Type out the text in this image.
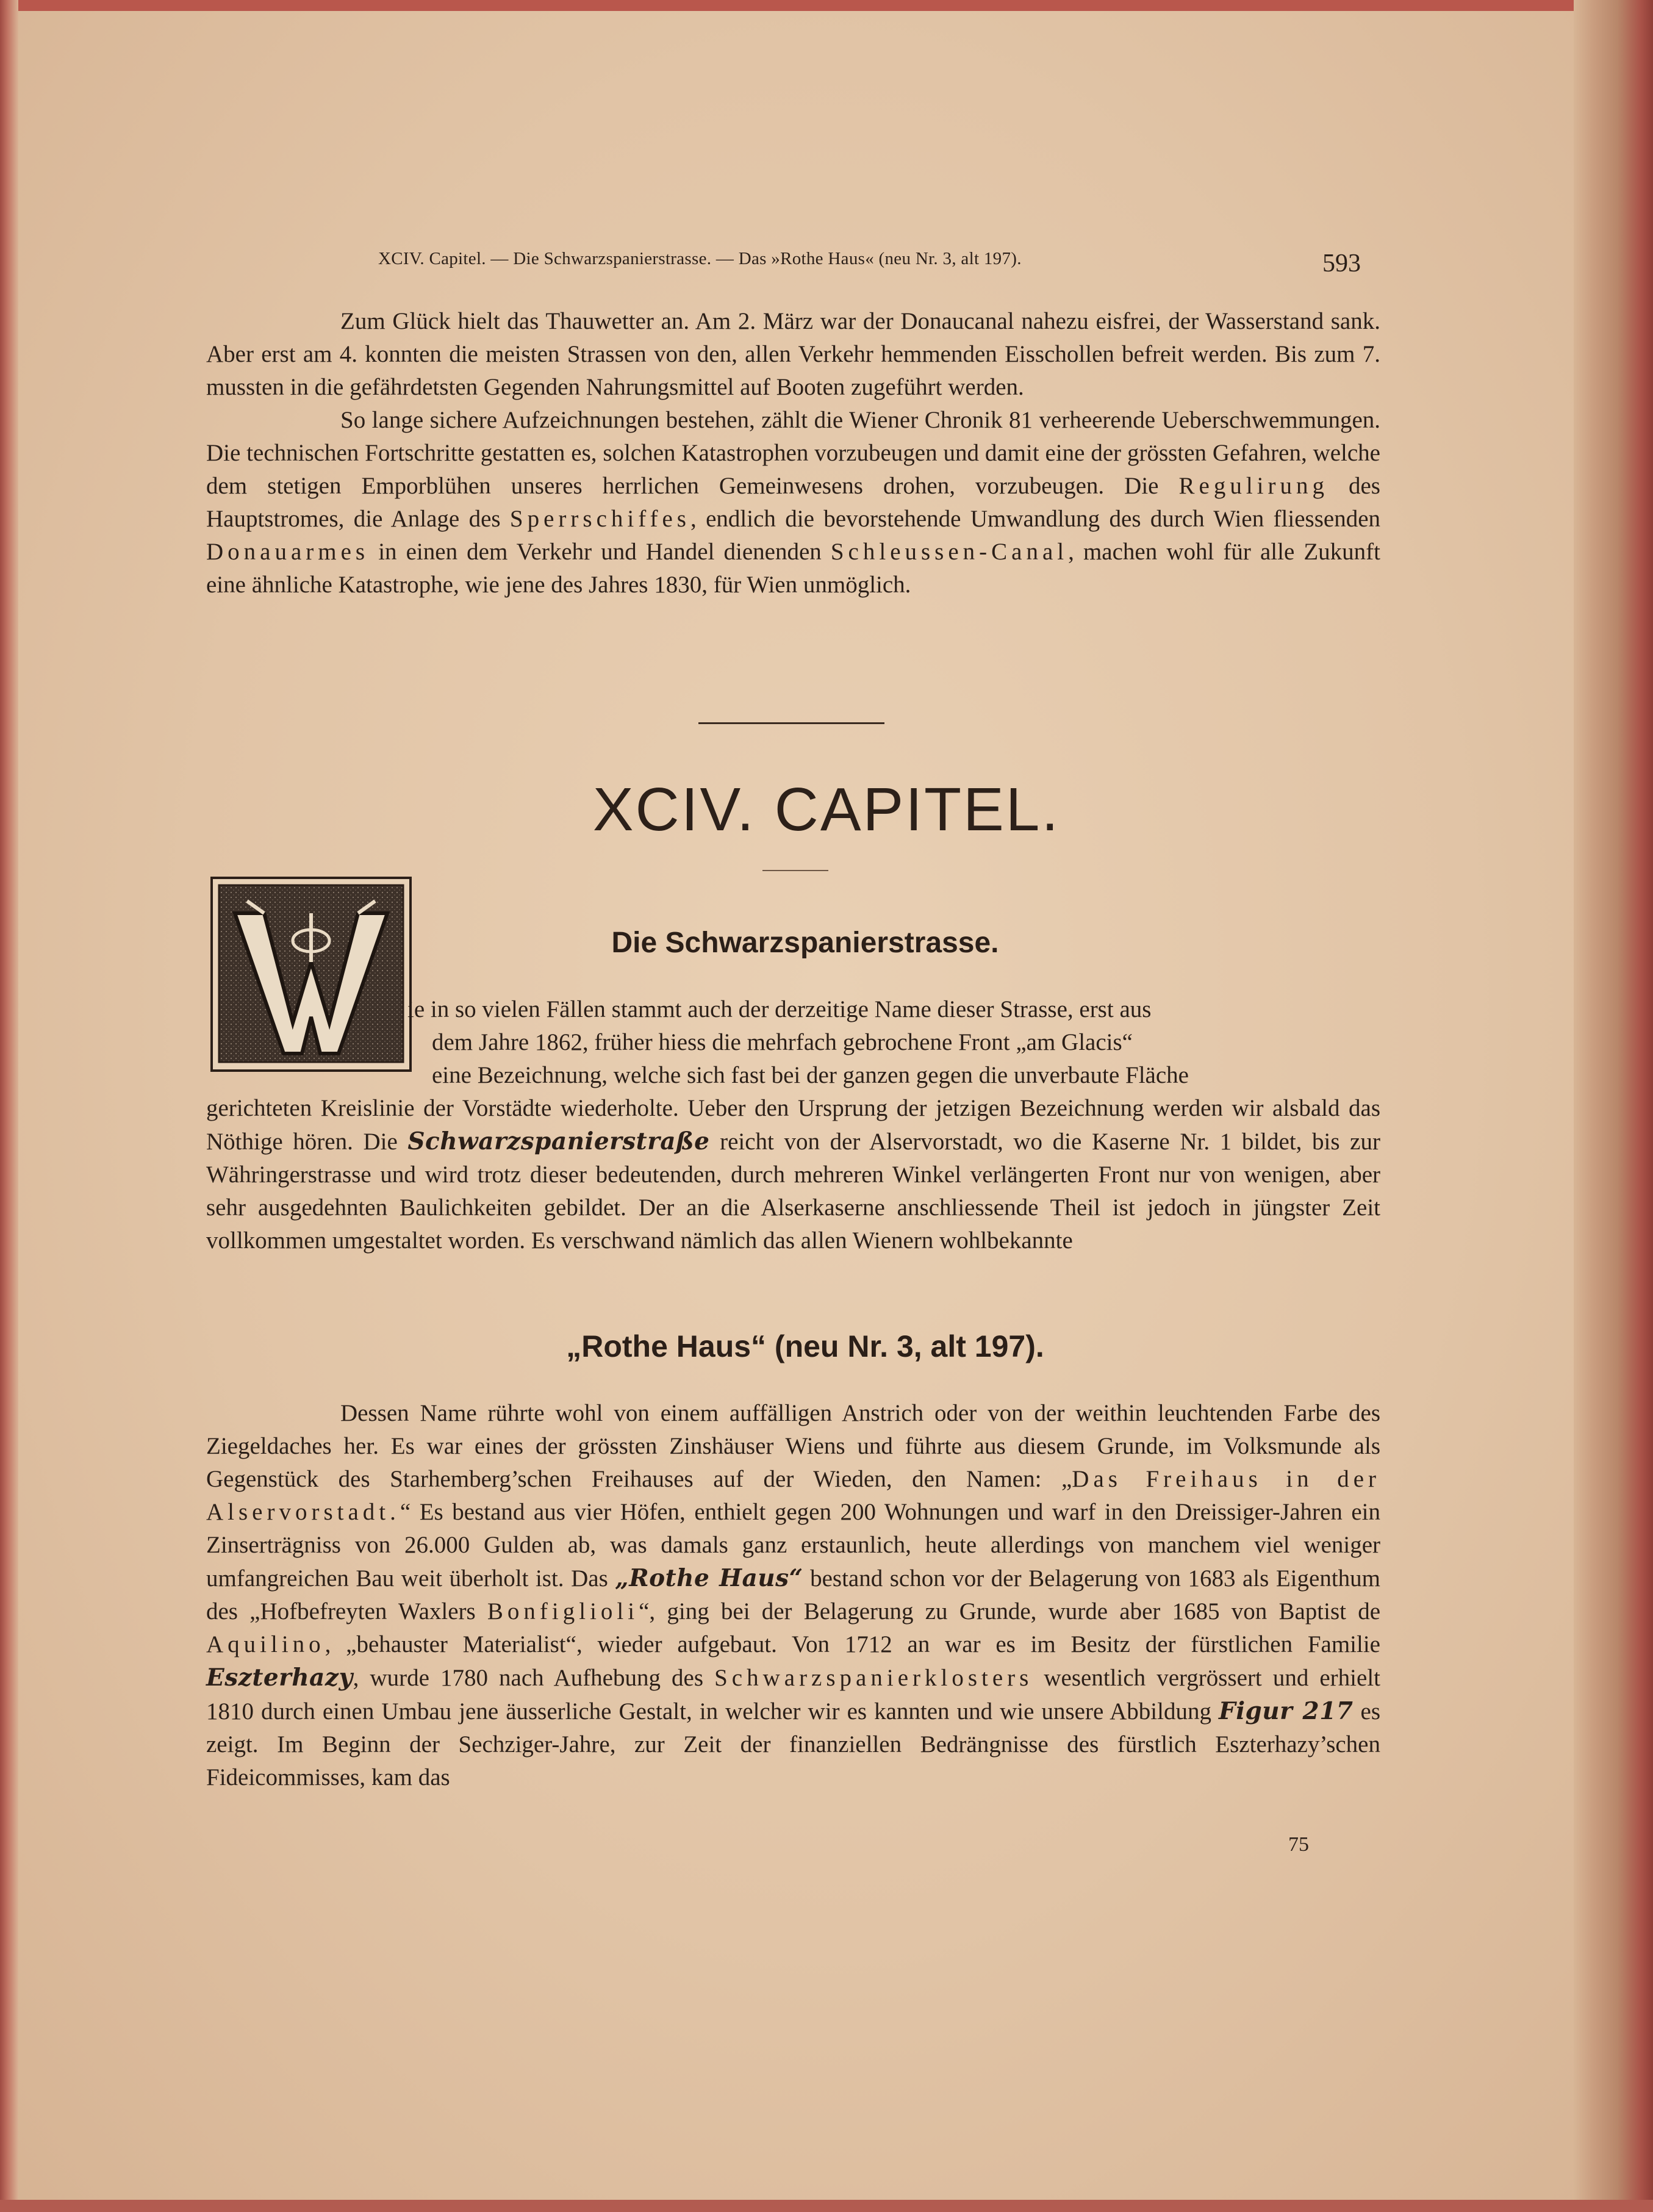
XCIV. Capitel. — Die Schwarzspanierstrasse. — Das »Rothe Haus« (neu Nr. 3, alt 197).	593

Zum Glück hielt das Thauwetter an. Am 2. März war der Donaucanal nahezu eisfrei, der Wasserstand sank. Aber erst am 4. konnten die meisten Strassen von den, allen Verkehr hemmenden Eisschollen befreit werden. Bis zum 7. mussten in die gefährdetsten Gegenden Nahrungsmittel auf Booten zugeführt werden.

So lange sichere Aufzeichnungen bestehen, zählt die Wiener Chronik 81 verheerende Ueberschwemmungen. Die technischen Fortschritte gestatten es, solchen Katastrophen vorzubeugen und damit eine der grössten Gefahren, welche dem stetigen Emporblühen unseres herrlichen Gemeinwesens drohen, vorzubeugen. Die Regulirung des Hauptstromes, die Anlage des Sperrschiffes, endlich die bevorstehende Umwandlung des durch Wien fliessenden Donauarmes in einen dem Verkehr und Handel dienenden Schleussen-Canal, machen wohl für alle Zukunft eine ähnliche Katastrophe, wie jene des Jahres 1830, für Wien unmöglich.

XCIV. CAPITEL.
Die Schwarzspanierstrasse.

ie in so vielen Fällen stammt auch der derzeitige Name dieser Strasse, erst aus

dem Jahre 1862, früher hiess die mehrfach gebrochene Front „am Glacis“

eine Bezeichnung, welche sich fast bei der ganzen gegen die unverbaute Fläche

gerichteten Kreislinie der Vorstädte wiederholte. Ueber den Ursprung der jetzigen Bezeichnung werden wir alsbald das Nöthige hören. Die Schwarzspanierstraße reicht von der Alservorstadt, wo die Kaserne Nr. 1 bildet, bis zur Währingerstrasse und wird trotz dieser bedeutenden, durch mehreren Winkel verlängerten Front nur von wenigen, aber sehr ausgedehnten Baulichkeiten gebildet. Der an die Alserkaserne anschliessende Theil ist jedoch in jüngster Zeit vollkommen umgestaltet worden. Es verschwand nämlich das allen Wienern wohlbekannte

„Rothe Haus“ (neu Nr. 3, alt 197).

Dessen Name rührte wohl von einem auffälligen Anstrich oder von der weithin leuchtenden Farbe des Ziegeldaches her. Es war eines der grössten Zinshäuser Wiens und führte aus diesem Grunde, im Volksmunde als Gegenstück des Starhemberg’schen Freihauses auf der Wieden, den Namen: „Das Freihaus in der Alservorstadt.“ Es bestand aus vier Höfen, enthielt gegen 200 Wohnungen und warf in den Dreissiger-Jahren ein Zinserträgniss von 26.000 Gulden ab, was damals ganz erstaunlich, heute allerdings von manchem viel weniger umfangreichen Bau weit überholt ist. Das „Rothe Haus“ bestand schon vor der Belagerung von 1683 als Eigenthum des „Hofbefreyten Waxlers Bonfiglioli“, ging bei der Belagerung zu Grunde, wurde aber 1685 von Baptist de Aquilino, „behauster Materialist“, wieder aufgebaut. Von 1712 an war es im Besitz der fürstlichen Familie Eszterhazy, wurde 1780 nach Aufhebung des Schwarzspanierklosters wesentlich vergrössert und erhielt 1810 durch einen Umbau jene äusserliche Gestalt, in welcher wir es kannten und wie unsere Abbildung Figur 217 es zeigt. Im Beginn der Sechziger-Jahre, zur Zeit der finanziellen Bedrängnisse des fürstlich Eszterhazy’schen Fideicommisses, kam das

75
